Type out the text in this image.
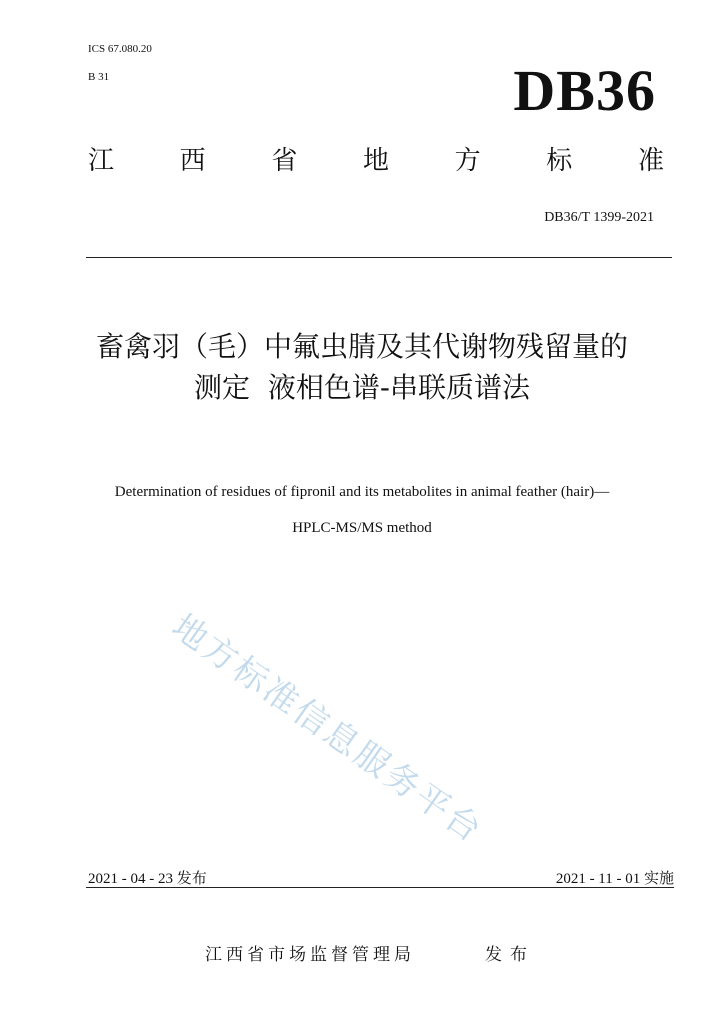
ICS 67.080.20
B 31	DB36
江	西	省	地	方	标	准
DB36/T 1399-2021
畜禽羽（毛）中氟虫腈及其代谢物残留量的
测定  液相色谱-串联质谱法
Determination of residues of fipronil and its metabolites in animal feather (hair)—
HPLC-MS/MS method
地方标准信息服务平台
2021 - 04 - 23 发布	2021 - 11 - 01 实施
江西省市场监督管理局	发布
